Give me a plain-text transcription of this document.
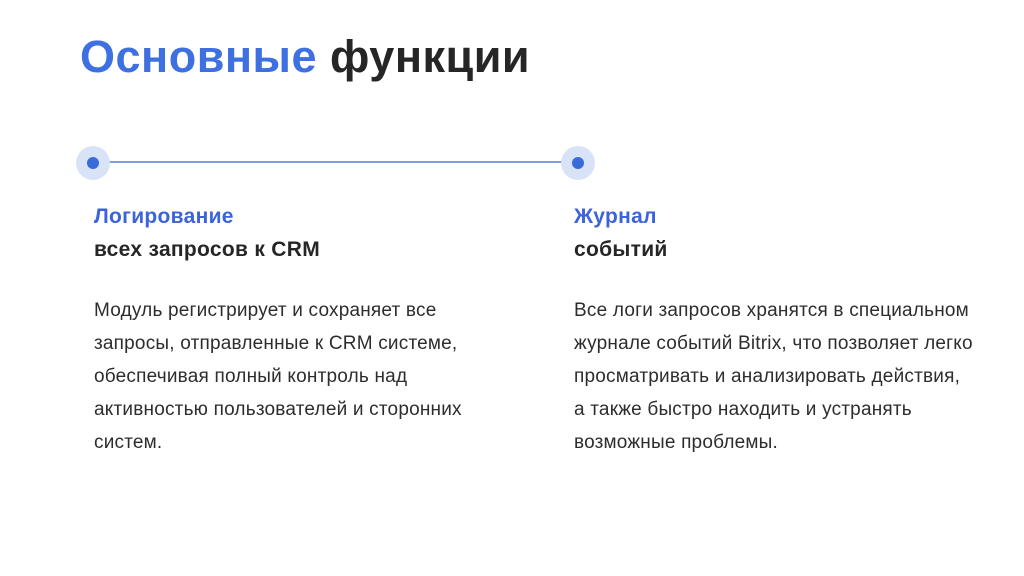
Основные функции
Логирование
всех запросов к CRM
Модуль регистрирует и сохраняет все
запросы, отправленные к CRM системе,
обеспечивая полный контроль над
активностью пользователей и сторонних
систем.
Журнал
событий
Все логи запросов хранятся в специальном
журнале событий Bitrix, что позволяет легко
просматривать и анализировать действия,
а также быстро находить и устранять
возможные проблемы.
